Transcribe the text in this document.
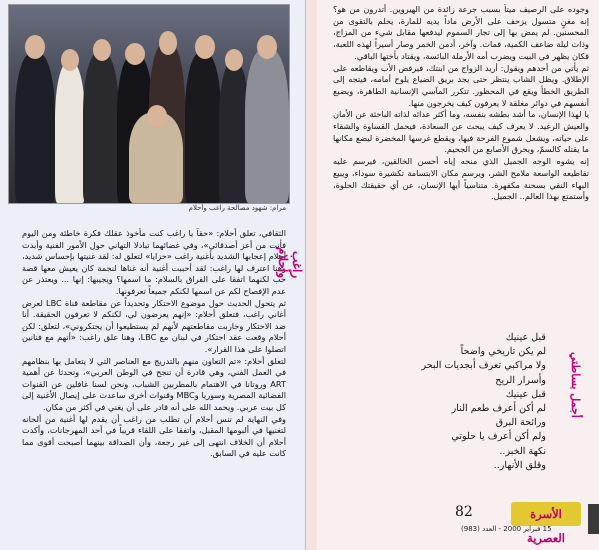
مرام: شهود مصالحة راغب وأحلام

الثقافي، تعلق أحلام: «حقاً يا راغب كنت مأخوذ عقلك فكرة خاطئة ومن اليوم فأنت من أعز أصدقائي»، وفي غضائهما تبادلا التهاني حول الأمور الفنية وأبدت أحلام إعجابها الشديد بأغنية راغب «حزايا» لتعلق له: لقد غنيتها بإحساس شديد، وهنا اعترف لها راغب: لقد أحببت أغنية أنه غناها لنجمة كان يعيش معها قصة حب لكنهما اتفقا على الفراق بالسلام: ما اسمها؟ ويجيبها: إنها ... ويعتذر عن عدم الإفصاح لكم عن اسمها لكنكم جميعاً تعرفونها.

ثم يتحول الحديث حول موضوع الاحتكار وتحديداً عن مقاطعة قناة LBC لعرض أغاني راغب، فتعلق أحلام: «إنهم يعرضون لي، لكنكم لا تعرفون الحقيقة. أنا ضد الاحتكار وحاربت مقاطعتهم لأنهم لم يستطيعوا أن يحتكروني»، لتعلق: لكن أحلام وقعت عقد احتكار في لبنان مع LBC، وهنا علق راغب: «أنهم مع فنانين اتصلوا على هذا القرار».

لتعلق أحلام: «تم التعاون منهم بالتدريج مع العناصر التي لا يتعامل بها بنظامهم في العمل الفني، وهي قادرة أن تنجح في الوطن العربي»، وتحدثا عن أهمية ART وروتانا في الاهتمام بالمطربين الشباب، ونحن لسنا غافلين عن القنوات الفضائية المصرية وسوريا وMBC وقنوات أخرى ساعدت على إيصال الأغنية إلى كل بيت عربي. ويحمد الله على أنه قادر على أن يغني في أكثر من مكان.

وفي النهاية لم تنس أحلام أن تطلب من راغب أن يقدم لها أغنية من ألحانه لتغنيها في ألبومها المقبل، واتفقا على اللقاء قريباً في أحد المهرجانات، وأكدت أحلام أن الخلاف انتهى إلى غير رجعة، وأن الصداقة بينهما أصبحت أقوى مما كانت عليه في السابق.

راغب وأحلام

وجوده على الرصيف ميتاً بسبب جرعة زائدة من الهيروين. أتدرون من هو؟ إنه مغنٍ متسول يزحف على الأرض ماداً يديه للمارة، يحلم بالتقوى من المحسنين. لم يمض بها إلى تجار السموم ليدفعها مقابل شيء من المزاج، وذات ليلة ضاعف الكمية، فمات. وآخر، أدمن الخمر وصار أسيراً لهذه اللعبة، فكان يظهر في البيت ويضرب أمه الأرملة البائسة، ويقتاد بأختها الباقي.

ثم يأتي من أحدهم ويقول: أريد الزواج من ابنتك، فيرفض الأب ويقاطعه على الإطلاق. ويظل الشاب ينتظر حتى يجد بريق الضياع يلوح أمامه، فيتجه إلى الطريق الخطأ ويقع في المحظور. تتكرر المآسي الإنسانية الطاهرة، ويضيع أنفسهم في دوائر مغلقة لا يعرفون كيف يخرجون منها.

يا لهذا الإنسان، ما أشد بطشه بنفسه، وما أكثر عدائه لذاته الباحثة عن الأمان والعيش الرغيد. لا يعرف كيف يبحث عن السعادة، فيحمل القساوة والشقاء على حياته، ويشعل شموع الفرحة فيها، ويقطع غرسها المخضرة ليضع مكانها ما يقتله كالسمّ، ويحرق الأصابع من الجحيم.

إنه يشوه الوجه الجميل الذي منحه إياه أحسن الخالقين، فيرسم عليه تقاطيعه الواسعة ملامح الشر، ويرسم مكان الابتسامة تكشيرة سوداء، ويبيع البهاء النقي بسحنة مكفهرة. متناسياً أيها الإنسان، عن أي حقيقتك الحلوة، وأستمتع بهذا العالم.. الجميل.

أجمل بساطتي
قبل عينيك
لم يكن تاريخي واضحاً
ولا مراكبي تعرف أبجديات البحر
وأسرار الريح
قبل عينيك
لم أكن أعرف طعم النار
ورائحة البرق
ولم أكن أعرف يا حلوتي
نكهة الخبز..
وقلق الأنهار..
الأسرة العصرية
82
15 فبراير 2000 - العدد (983)
